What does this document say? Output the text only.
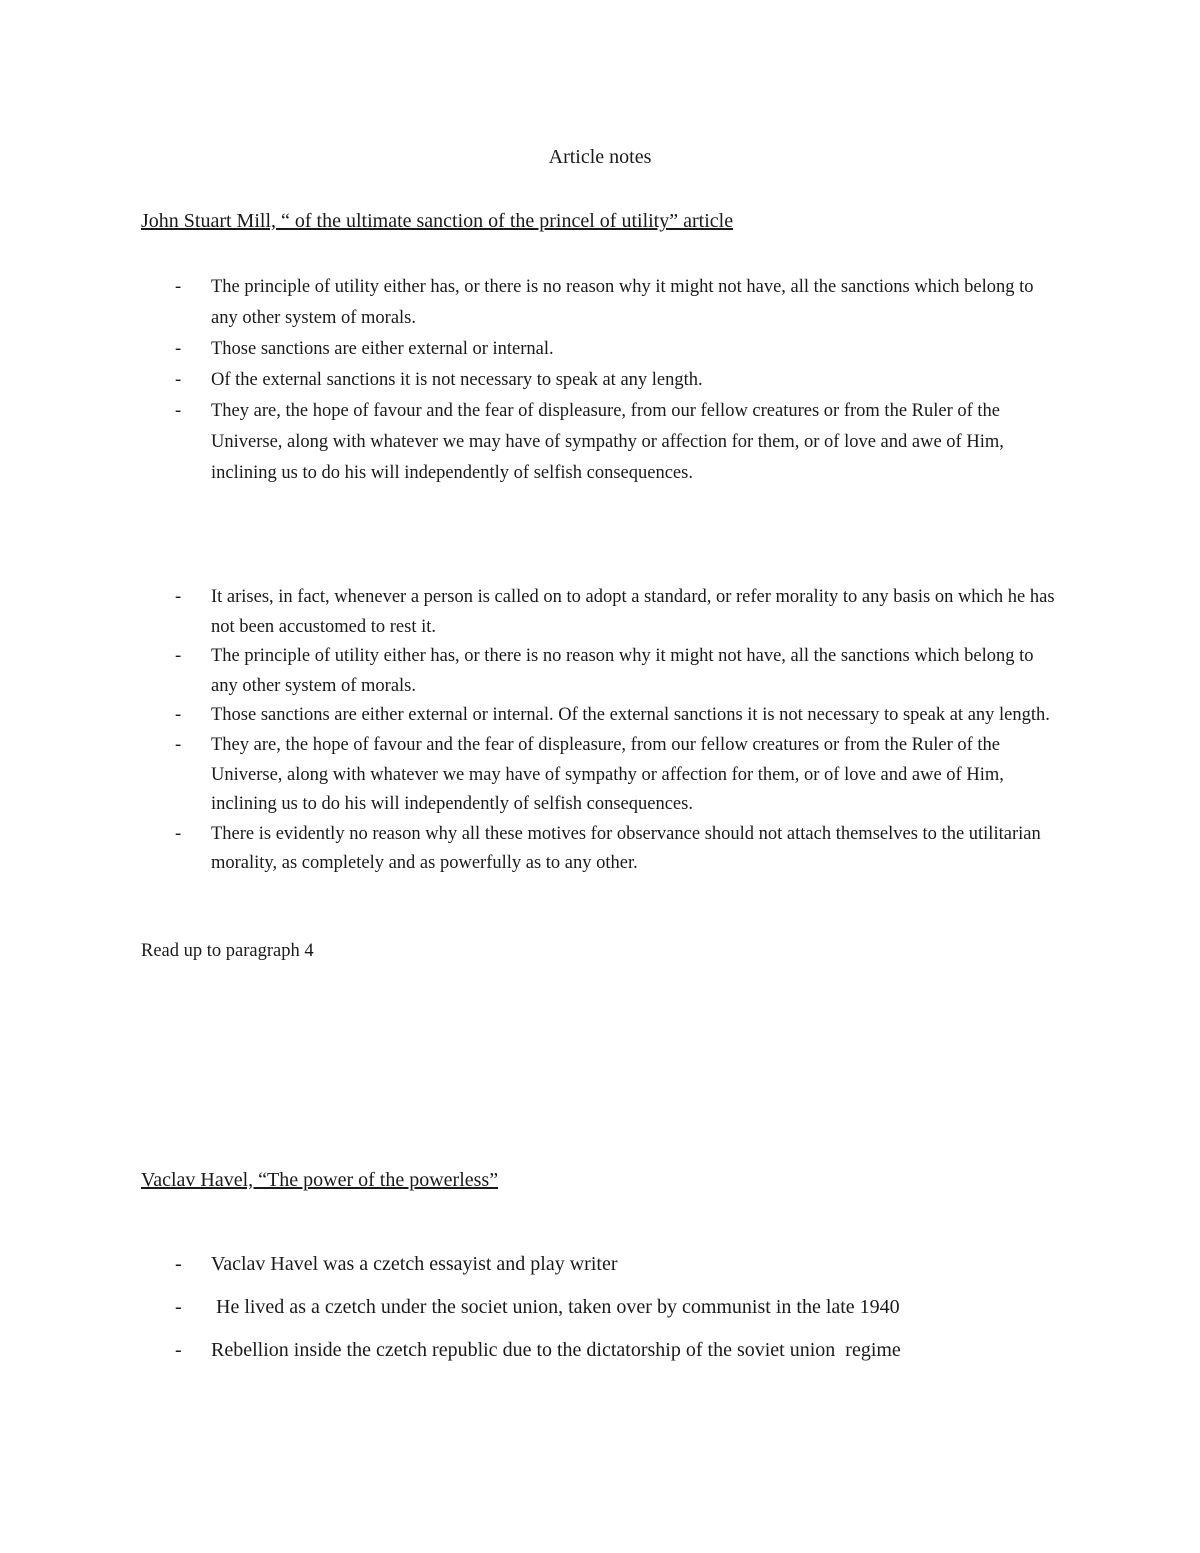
Article notes
John Stuart Mill, “ of the ultimate sanction of the princel of utility” article
- The principle of utility either has, or there is no reason why it might not have, all the sanctions which belong to any other system of morals.
- Those sanctions are either external or internal.
- Of the external sanctions it is not necessary to speak at any length.
- They are, the hope of favour and the fear of displeasure, from our fellow creatures or from the Ruler of the Universe, along with whatever we may have of sympathy or affection for them, or of love and awe of Him, inclining us to do his will independently of selfish consequences.
- It arises, in fact, whenever a person is called on to adopt a standard, or refer morality to any basis on which he has not been accustomed to rest it.
- The principle of utility either has, or there is no reason why it might not have, all the sanctions which belong to any other system of morals.
- Those sanctions are either external or internal. Of the external sanctions it is not necessary to speak at any length.
- They are, the hope of favour and the fear of displeasure, from our fellow creatures or from the Ruler of the Universe, along with whatever we may have of sympathy or affection for them, or of love and awe of Him, inclining us to do his will independently of selfish consequences.
- There is evidently no reason why all these motives for observance should not attach themselves to the utilitarian morality, as completely and as powerfully as to any other.
Read up to paragraph 4
Vaclav Havel, “The power of the powerless”
- Vaclav Havel was a czetch essayist and play writer
- He lived as a czetch under the societ union, taken over by communist in the late 1940
- Rebellion inside the czetch republic due to the dictatorship of the soviet union  regime
